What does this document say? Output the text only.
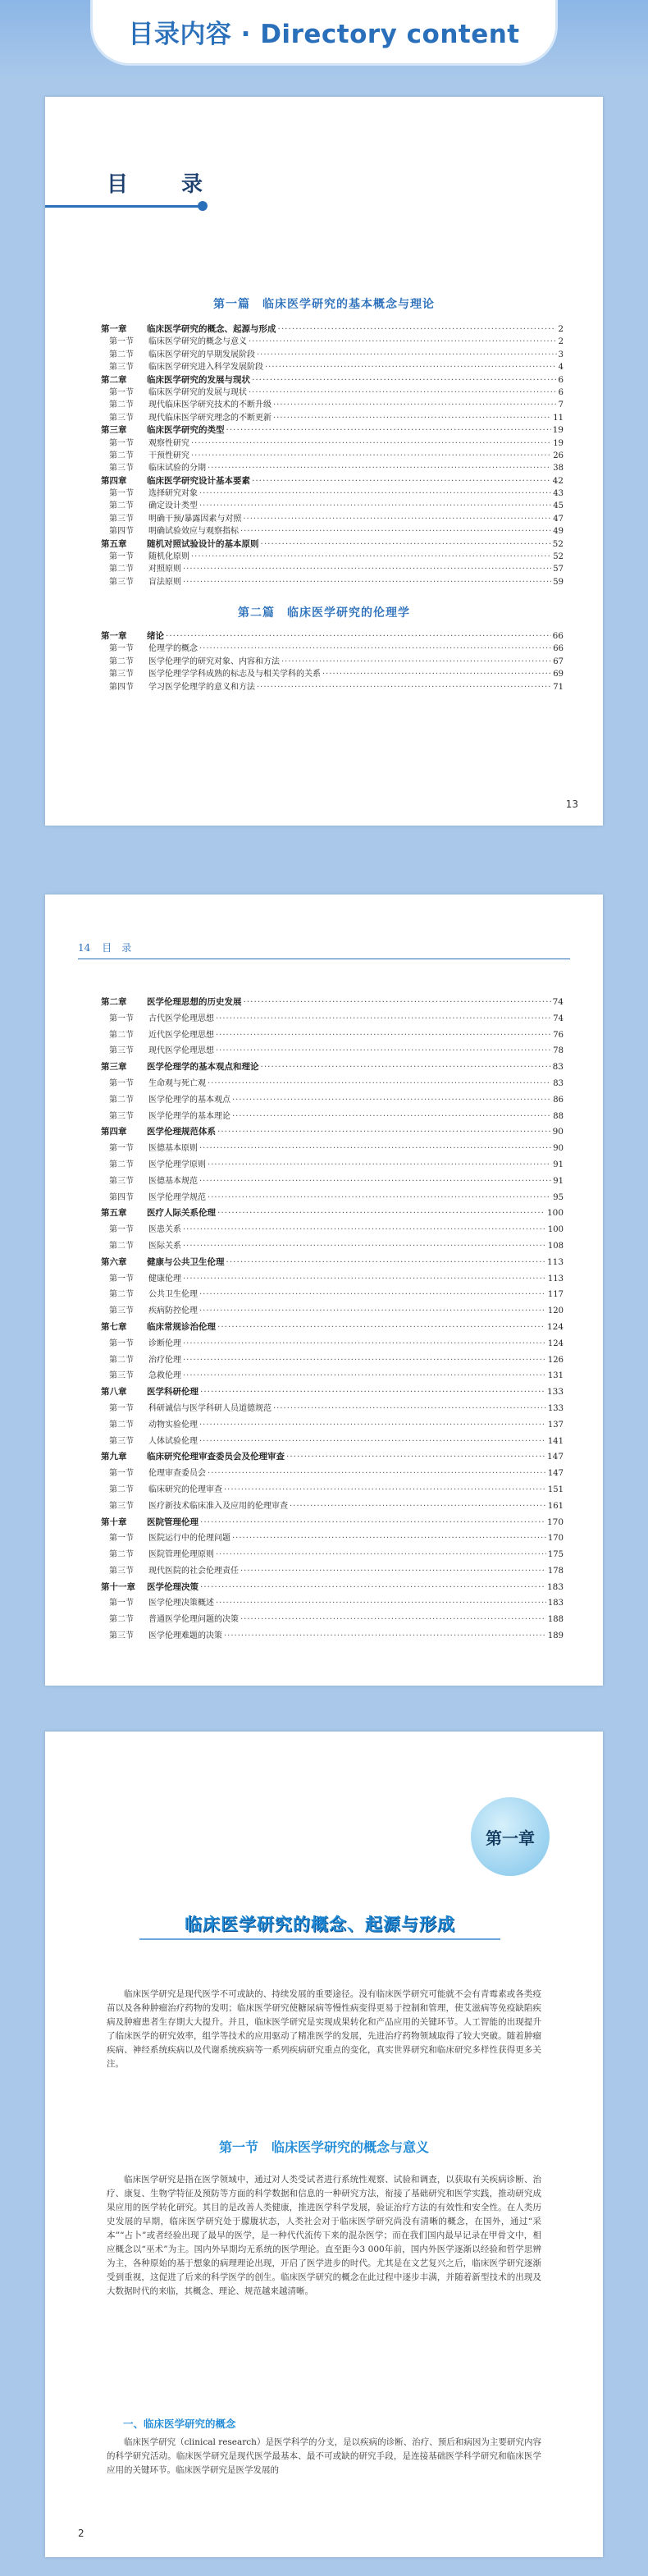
目录内容 · Directory content
目 录
第一篇　临床医学研究的基本概念与理论
第一章 临床医学研究的概念、起源与形成 ·····	2
第一节 临床医学研究的概念与意义 ·····	2
第二节 临床医学研究的早期发展阶段 ·····	3
第三节 临床医学研究进入科学发展阶段 ·····	4
第二章 临床医学研究的发展与现状 ·····	6
第一节 临床医学研究的发展与现状 ·····	6
第二节 现代临床医学研究技术的不断升级 ·····	7
第三节 现代临床医学研究理念的不断更新 ·····	11
第三章 临床医学研究的类型 ·····	19
第一节 观察性研究 ·····	19
第二节 干预性研究 ·····	26
第三节 临床试验的分期 ·····	38
第四章 临床医学研究设计基本要素 ·····	42
第一节 选择研究对象 ·····	43
第二节 确定设计类型 ·····	45
第三节 明确干预/暴露因素与对照 ·····	47
第四节 明确试验效应与观察指标 ·····	49
第五章 随机对照试验设计的基本原则 ·····	52
第一节 随机化原则 ·····	52
第二节 对照原则 ·····	57
第三节 盲法原则 ·····	59
第二篇　临床医学研究的伦理学
第一章 绪论 ·····	66
第一节 伦理学的概念 ·····	66
第二节 医学伦理学的研究对象、内容和方法 ·····	67
第三节 医学伦理学学科成熟的标志及与相关学科的关系 ·····	69
第四节 学习医学伦理学的意义和方法 ·····	71
13
14 目　录
第二章 医学伦理思想的历史发展 ·····	74
第一节 古代医学伦理思想 ·····	74
第二节 近代医学伦理思想 ·····	76
第三节 现代医学伦理思想 ·····	78
第三章 医学伦理学的基本观点和理论 ·····	83
第一节 生命观与死亡观 ·····	83
第二节 医学伦理学的基本观点 ·····	86
第三节 医学伦理学的基本理论 ·····	88
第四章 医学伦理规范体系 ·····	90
第一节 医德基本原则 ·····	90
第二节 医学伦理学原则 ·····	91
第三节 医德基本规范 ·····	91
第四节 医学伦理学规范 ·····	95
第五章 医疗人际关系伦理 ·····	100
第一节 医患关系 ·····	100
第二节 医际关系 ·····	108
第六章 健康与公共卫生伦理 ·····	113
第一节 健康伦理 ·····	113
第二节 公共卫生伦理 ·····	117
第三节 疾病防控伦理 ·····	120
第七章 临床常规诊治伦理 ·····	124
第一节 诊断伦理 ·····	124
第二节 治疗伦理 ·····	126
第三节 急救伦理 ·····	131
第八章 医学科研伦理 ·····	133
第一节 科研诚信与医学科研人员道德规范 ·····	133
第二节 动物实验伦理 ·····	137
第三节 人体试验伦理 ·····	141
第九章 临床研究伦理审查委员会及伦理审查 ·····	147
第一节 伦理审查委员会 ·····	147
第二节 临床研究的伦理审查 ·····	151
第三节 医疗新技术临床准入及应用的伦理审查 ·····	161
第十章 医院管理伦理 ·····	170
第一节 医院运行中的伦理问题 ·····	170
第二节 医院管理伦理原则 ·····	175
第三节 现代医院的社会伦理责任 ·····	178
第十一章 医学伦理决策 ·····	183
第一节 医学伦理决策概述 ·····	183
第二节 普通医学伦理问题的决策 ·····	188
第三节 医学伦理难题的决策 ·····	189
第一章
临床医学研究的概念、起源与形成
临床医学研究是现代医学不可或缺的、持续发展的重要途径。没有临床医学研究可能就不会有青霉素或各类疫苗以及各种肿瘤治疗药物的发明；临床医学研究使糖尿病等慢性病变得更易于控制和管理，使艾滋病等免疫缺陷疾病及肿瘤患者生存期大大提升。并且，临床医学研究是实现成果转化和产品应用的关键环节。人工智能的出现提升了临床医学的研究效率，组学等技术的应用驱动了精准医学的发展，先进治疗药物领域取得了较大突破。随着肿瘤疾病、神经系统疾病以及代谢系统疾病等一系列疾病研究重点的变化，真实世界研究和临床研究多样性获得更多关注。
第一节　临床医学研究的概念与意义
临床医学研究是指在医学领域中，通过对人类受试者进行系统性观察、试验和调查，以获取有关疾病诊断、治疗、康复、生物学特征及预防等方面的科学数据和信息的一种研究方法，衔接了基础研究和医学实践，推动研究成果应用的医学转化研究。其目的是改善人类健康，推进医学科学发展，验证治疗方法的有效性和安全性。在人类历史发展的早期，临床医学研究处于朦胧状态，人类社会对于临床医学研究尚没有清晰的概念，在国外，通过“采本”“占卜”或者经验出现了最早的医学，是一种代代流传下来的混杂医学；而在我们国内最早记录在甲骨文中，相应概念以“巫术”为主。国内外早期均无系统的医学理论。直至距今3 000年前，国内外医学逐渐以经验和哲学思辨为主，各种原始的基于想象的病理理论出现，开启了医学进步的时代。尤其是在文艺复兴之后，临床医学研究逐渐受到重视，这促进了后来的科学医学的创生。临床医学研究的概念在此过程中逐步丰满，并随着新型技术的出现及大数据时代的来临，其概念、理论、规范越来越清晰。
一、临床医学研究的概念
临床医学研究（clinical research）是医学科学的分支，是以疾病的诊断、治疗、预后和病因为主要研究内容的科学研究活动。临床医学研究是现代医学最基本、最不可或缺的研究手段，是连接基础医学科学研究和临床医学应用的关键环节。临床医学研究是医学发展的
2
